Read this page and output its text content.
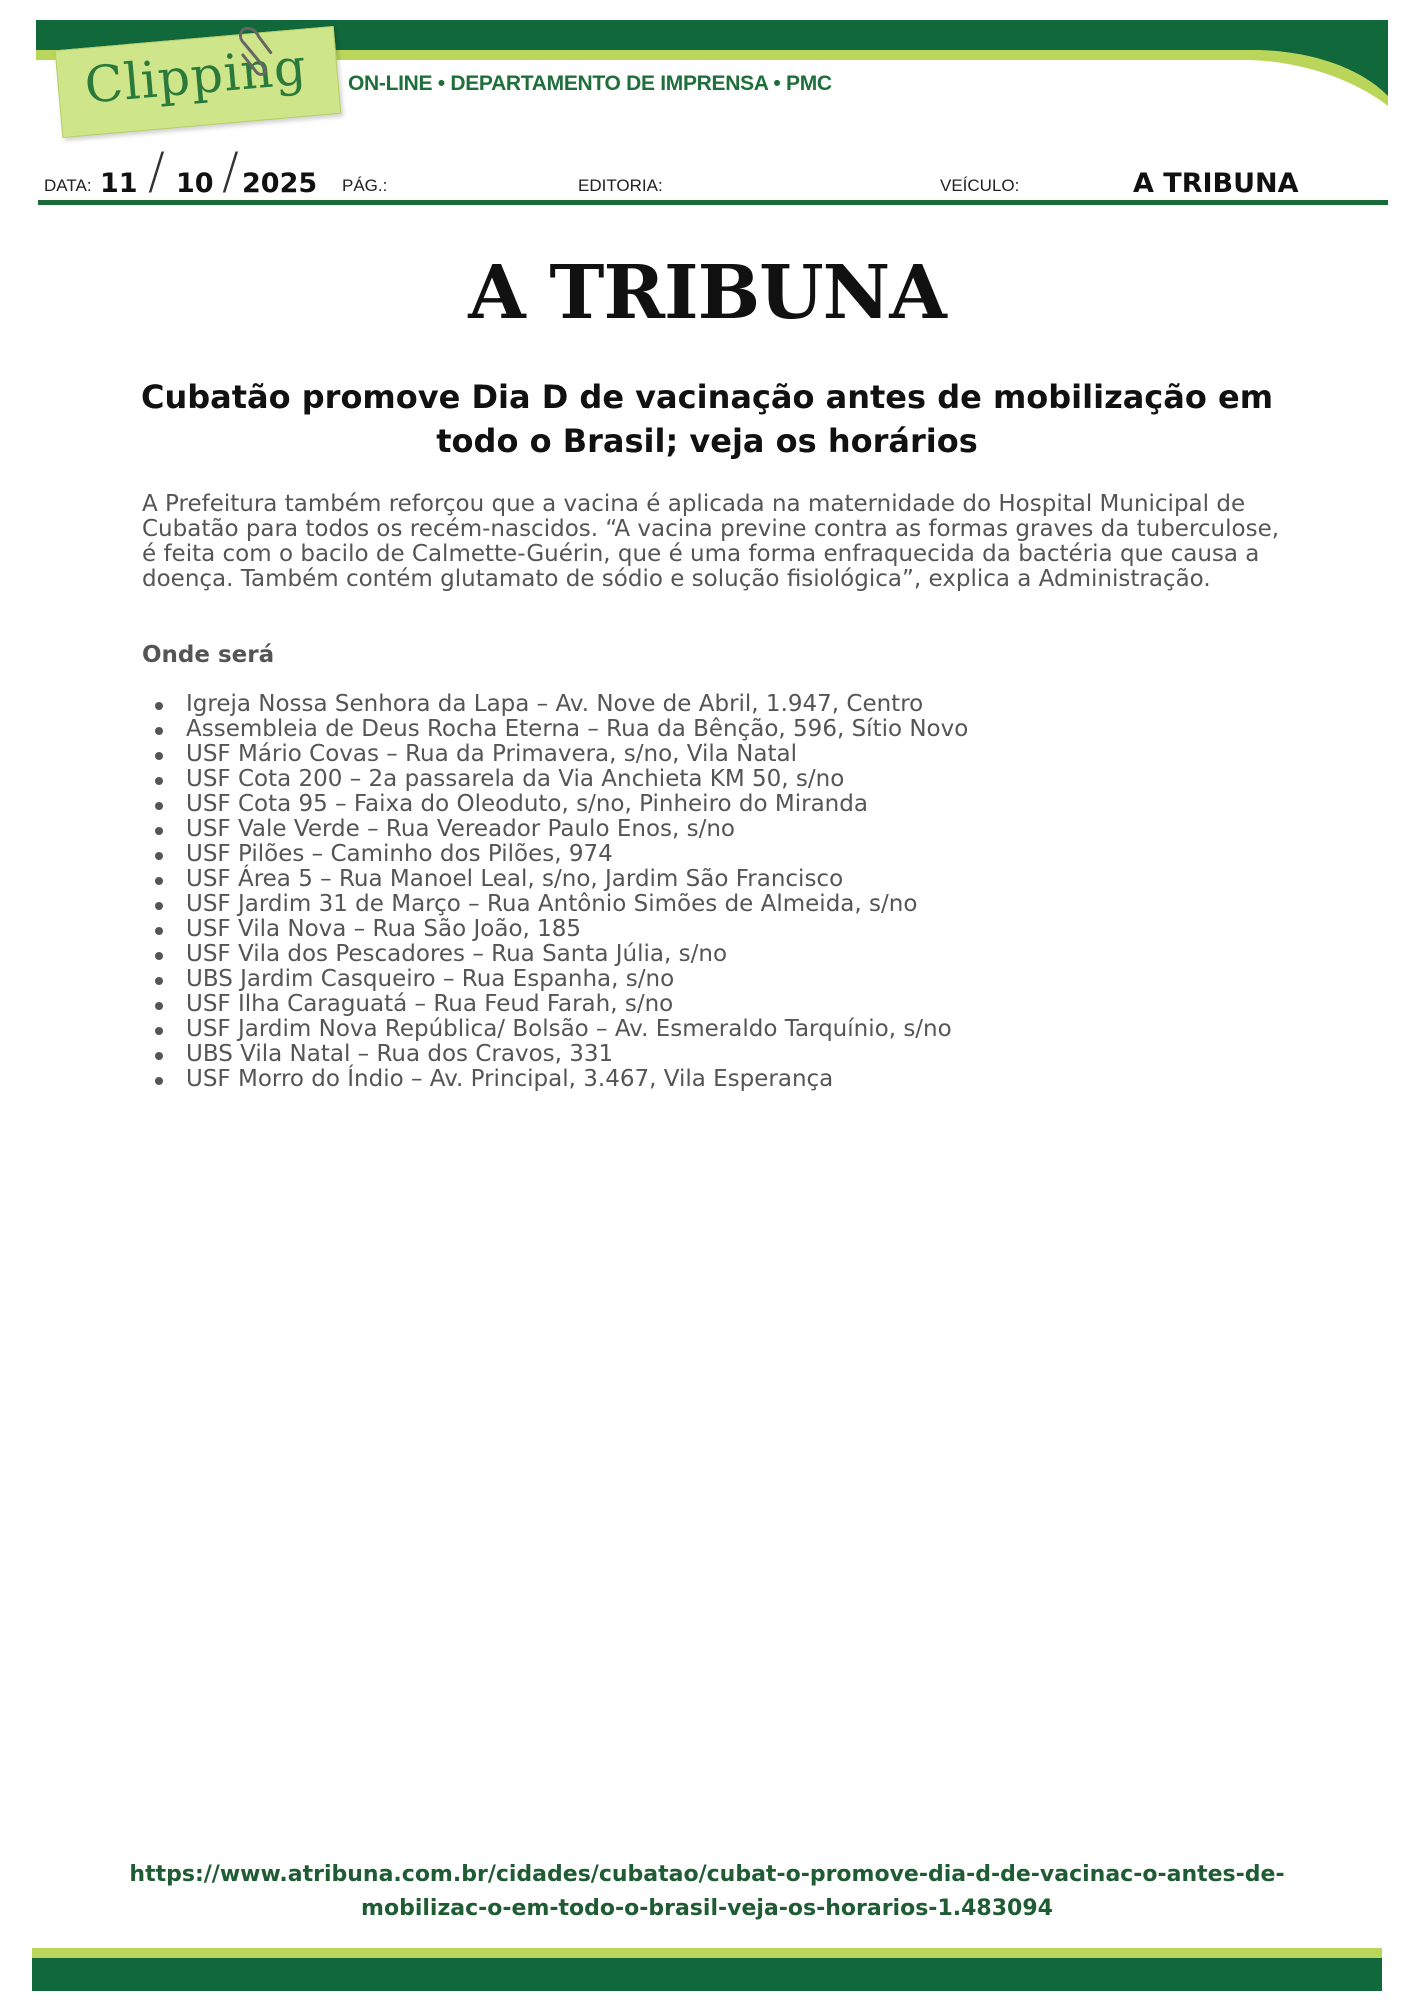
Clipping ON-LINE • DEPARTAMENTO DE IMPRENSA • PMC
DATA: 11 / 10 / 2025 PÁG.:	EDITORIA:	VEÍCULO:	A TRIBUNA
A TRIBUNA
Cubatão promove Dia D de vacinação antes de mobilização em todo o Brasil; veja os horários
A Prefeitura também reforçou que a vacina é aplicada na maternidade do Hospital Municipal de Cubatão para todos os recém-nascidos. “A vacina previne contra as formas graves da tuberculose, é feita com o bacilo de Calmette-Guérin, que é uma forma enfraquecida da bactéria que causa a doença. Também contém glutamato de sódio e solução fisiológica”, explica a Administração.
Onde será
Igreja Nossa Senhora da Lapa – Av. Nove de Abril, 1.947, Centro
Assembleia de Deus Rocha Eterna – Rua da Bênção, 596, Sítio Novo
USF Mário Covas – Rua da Primavera, s/no, Vila Natal
USF Cota 200 – 2a passarela da Via Anchieta KM 50, s/no
USF Cota 95 – Faixa do Oleoduto, s/no, Pinheiro do Miranda
USF Vale Verde – Rua Vereador Paulo Enos, s/no
USF Pilões – Caminho dos Pilões, 974
USF Área 5 – Rua Manoel Leal, s/no, Jardim São Francisco
USF Jardim 31 de Março – Rua Antônio Simões de Almeida, s/no
USF Vila Nova – Rua São João, 185
USF Vila dos Pescadores – Rua Santa Júlia, s/no
UBS Jardim Casqueiro – Rua Espanha, s/no
USF Ilha Caraguatá – Rua Feud Farah, s/no
USF Jardim Nova República/ Bolsão – Av. Esmeraldo Tarquínio, s/no
UBS Vila Natal – Rua dos Cravos, 331
USF Morro do Índio – Av. Principal, 3.467, Vila Esperança
https://www.atribuna.com.br/cidades/cubatao/cubat-o-promove-dia-d-de-vacinac-o-antes-de-
mobilizac-o-em-todo-o-brasil-veja-os-horarios-1.483094
